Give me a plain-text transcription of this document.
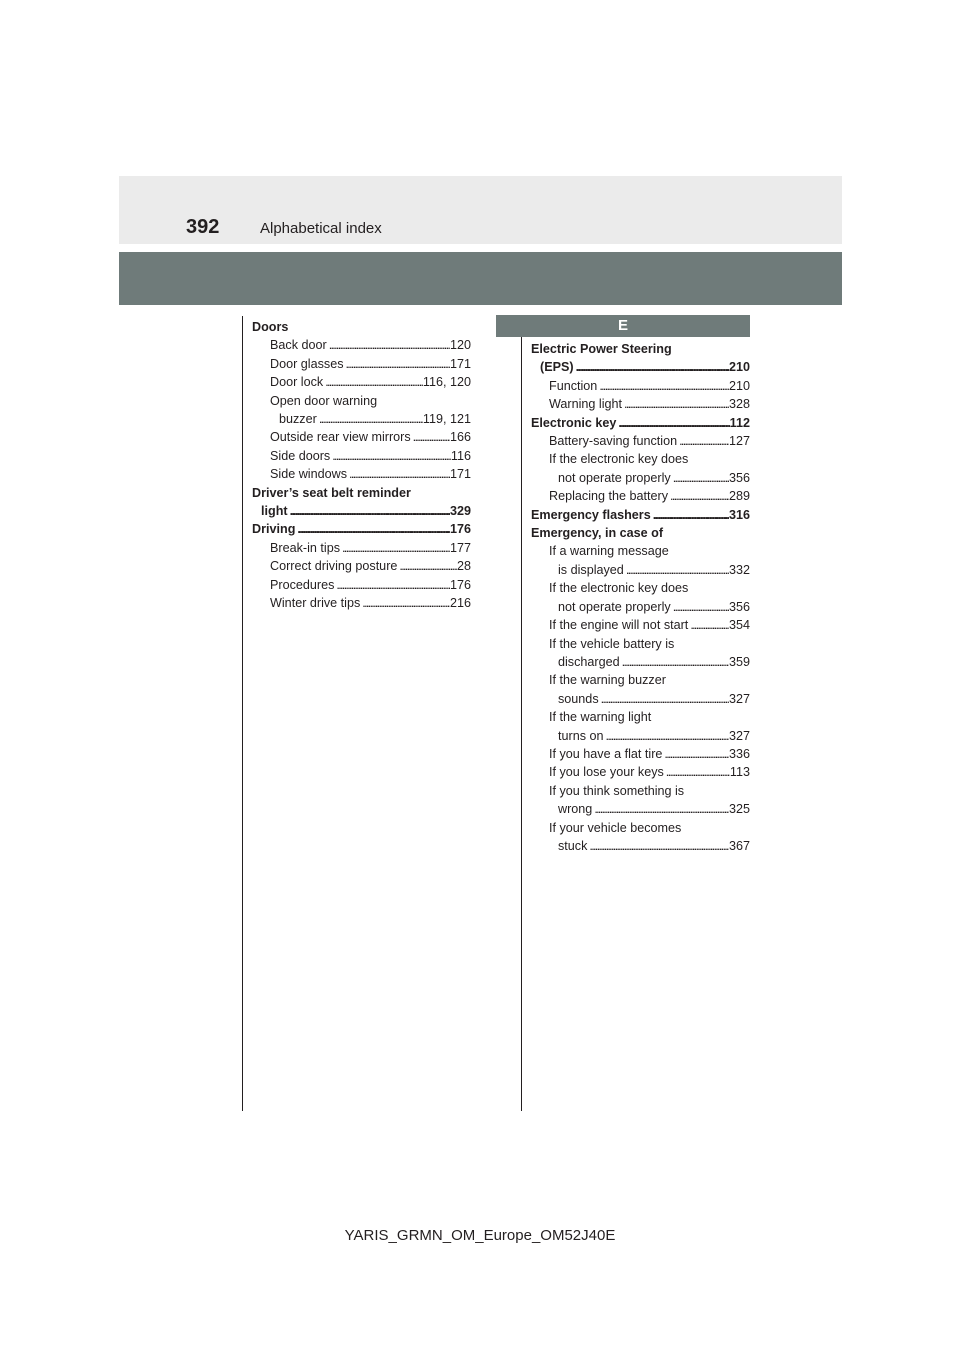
392	Alphabetical index
Doors
Back door . . .	120
Door glasses . . .	171
Door lock . . .	116, 120
Open door warning
buzzer . . .	119, 121
Outside rear view mirrors . . .	166
Side doors . . .	116
Side windows . . .	171
Driver’s seat belt reminder
light . . .	329
Driving . . .	176
Break-in tips . . .	177
Correct driving posture . . .	28
Procedures . . .	176
Winter drive tips . . .	216
E
Electric Power Steering
(EPS) . . .	210
Function . . .	210
Warning light . . .	328
Electronic key . . .	112
Battery-saving function . . .	127
If the electronic key does
not operate properly . . .	356
Replacing the battery . . .	289
Emergency flashers . . .	316
Emergency, in case of
If a warning message
is displayed . . .	332
If the electronic key does
not operate properly . . .	356
If the engine will not start . . .	354
If the vehicle battery is
discharged . . .	359
If the warning buzzer
sounds . . .	327
If the warning light
turns on . . .	327
If you have a flat tire . . .	336
If you lose your keys . . .	113
If you think something is
wrong . . .	325
If your vehicle becomes
stuck . . .	367
YARIS_GRMN_OM_Europe_OM52J40E
